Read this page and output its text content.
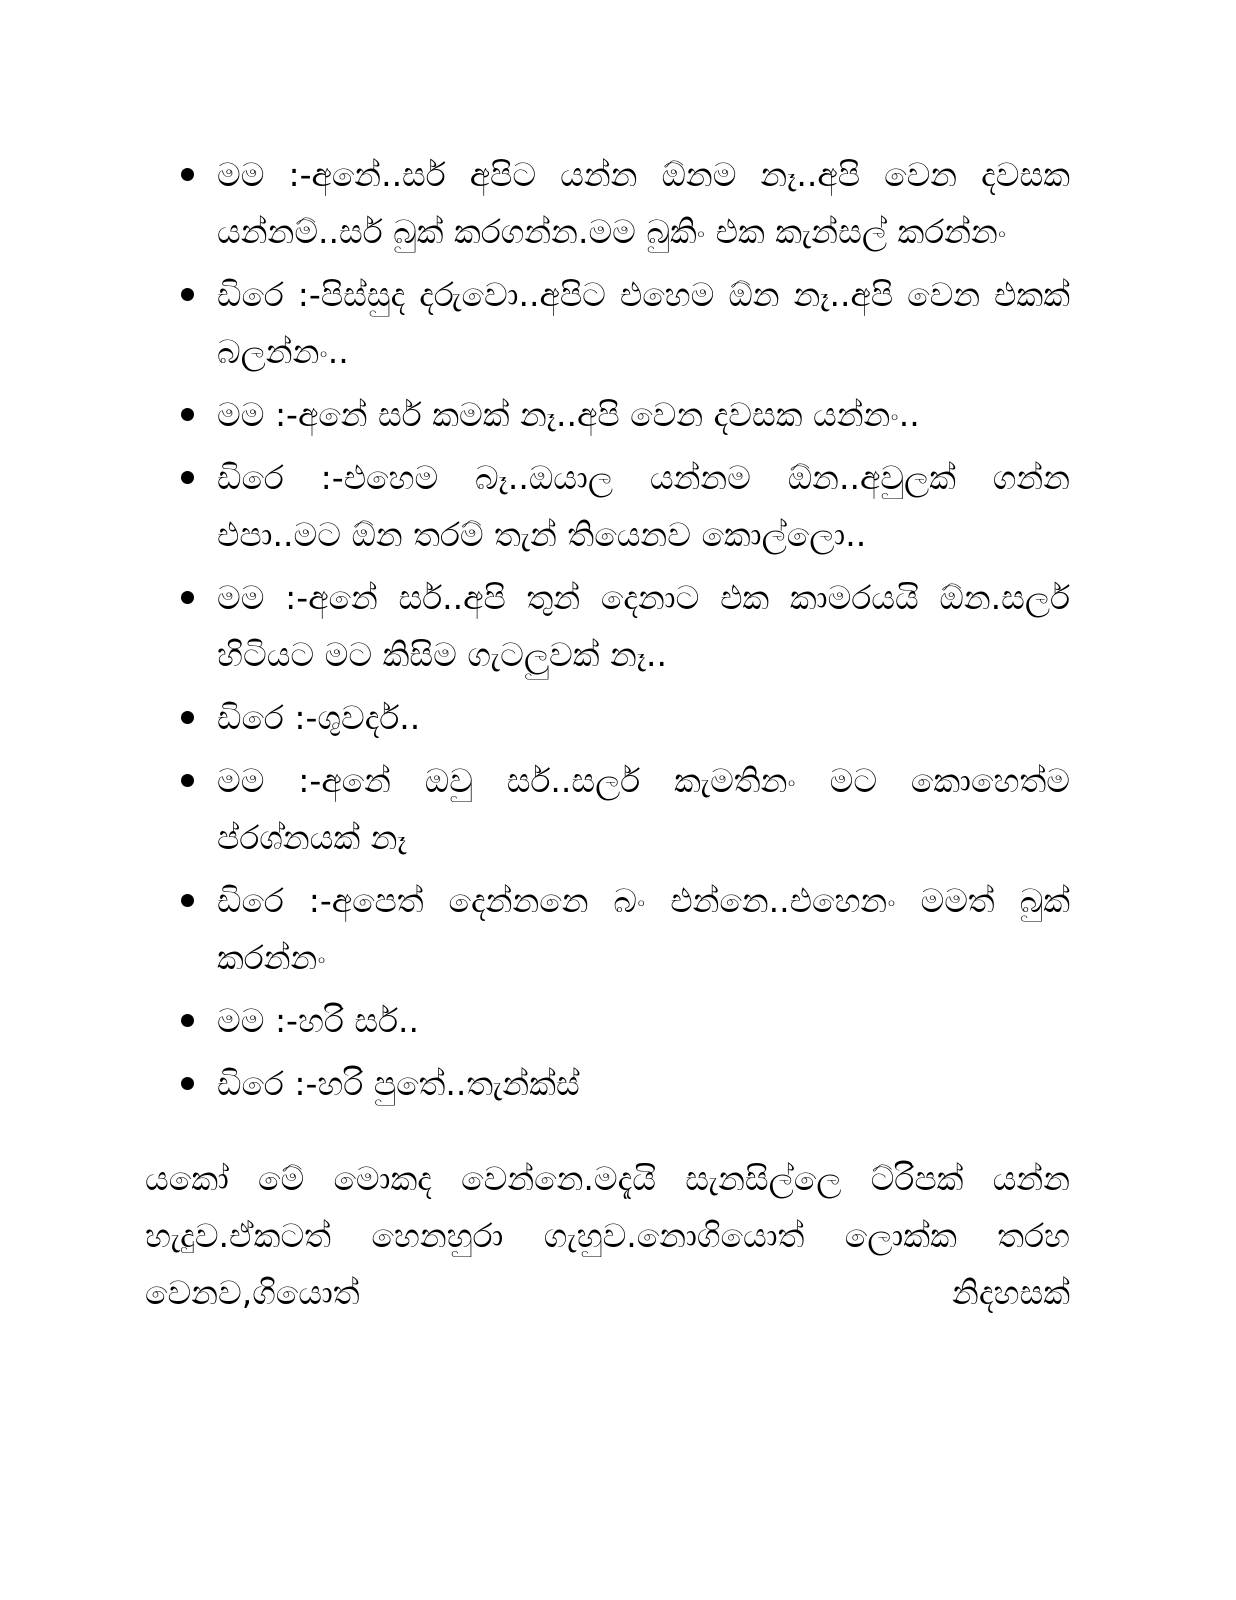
මම :-අනේ..සර් අපිට යන්න ඕනම නෑ..අපි වෙන දවසක යන්නම්..සර් බුක් කරගන්න.මම බුකිං එක කැන්සල් කරන්නං
ඩිරෙ :-පිස්සුද දරුවො..අපිට එහෙම ඕන නෑ..අපි වෙන එකක් බලන්නං..
මම :-අනේ සර් කමක් නෑ..අපි වෙන දවසක යන්නං..
ඩිරෙ :-එහෙම බෑ..ඔයාල යන්නම ඕන..අවුලක් ගන්න එපා..මට ඕන තරම් තැන් තියෙනව කොල්ලො..
මම :-අනේ සර්..අපි තුන් දෙනාට එක කාමරයයි ඕන.සර්ල හිටියට මට කිසිම ගැටලුවක් නෑ..
ඩිරෙ :-ශුවර්ද..
මම :-අනේ ඔවු සර්..සර්ල කැමතිනං මට කොහෙත්ම ප්රශ්නයක් නෑ
ඩිරෙ :-අපෙත් දෙන්නනෙ බං එන්නෙ..එහෙනං මමත් බුක් කරන්නං
මම :-හරි සර්..
ඩිරෙ :-හරි පුතේ..තැන්ක්ස්

යකෝ මේ මොකද වෙන්නෙ.මදැයි සැනසිල්ලෙ ට්රිපක් යන්න හැදුව.ඒකටත් හෙනහුරා ගැහුව.නොගියොත් ලොක්ක තරහ වෙනව,ගියොත් නිදහසක්
